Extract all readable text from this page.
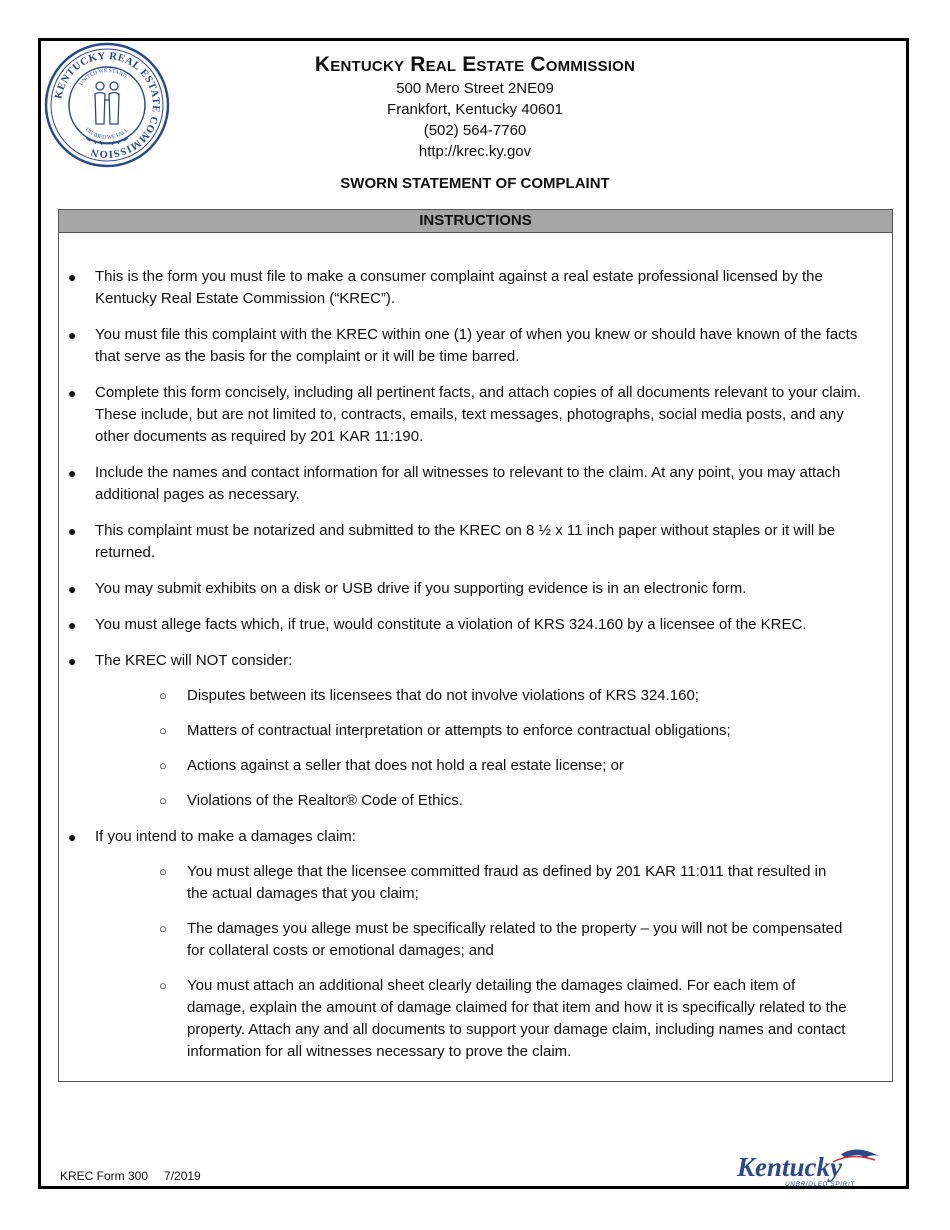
KENTUCKY REAL ESTATE COMMISSION
UNITED WE STAND
DIVIDED WE FALL
Kentucky Real Estate Commission
500 Mero Street 2NE09
Frankfort, Kentucky 40601
(502) 564-7760
http://krec.ky.gov
SWORN STATEMENT OF COMPLAINT
INSTRUCTIONS
● This is the form you must file to make a consumer complaint against a real estate professional licensed by the Kentucky Real Estate Commission (“KREC”).
● You must file this complaint with the KREC within one (1) year of when you knew or should have known of the facts that serve as the basis for the complaint or it will be time barred.
● Complete this form concisely, including all pertinent facts, and attach copies of all documents relevant to your claim. These include, but are not limited to, contracts, emails, text messages, photographs, social media posts, and any other documents as required by 201 KAR 11:190.
● Include the names and contact information for all witnesses to relevant to the claim. At any point, you may attach additional pages as necessary.
● This complaint must be notarized and submitted to the KREC on 8 ½ x 11 inch paper without staples or it will be returned.
● You may submit exhibits on a disk or USB drive if you supporting evidence is in an electronic form.
● You must allege facts which, if true, would constitute a violation of KRS 324.160 by a licensee of the KREC.
● The KREC will NOT consider:
○ Disputes between its licensees that do not involve violations of KRS 324.160;
○ Matters of contractual interpretation or attempts to enforce contractual obligations;
○ Actions against a seller that does not hold a real estate license; or
○ Violations of the Realtor® Code of Ethics.
● If you intend to make a damages claim:
○ You must allege that the licensee committed fraud as defined by 201 KAR 11:011 that resulted in the actual damages that you claim;
○ The damages you allege must be specifically related to the property – you will not be compensated for collateral costs or emotional damages; and
○ You must attach an additional sheet clearly detailing the damages claimed. For each item of damage, explain the amount of damage claimed for that item and how it is specifically related to the property. Attach any and all documents to support your damage claim, including names and contact information for all witnesses necessary to prove the claim.
KREC Form 300 7/2019	Kentucky
UNBRIDLED SPIRIT
